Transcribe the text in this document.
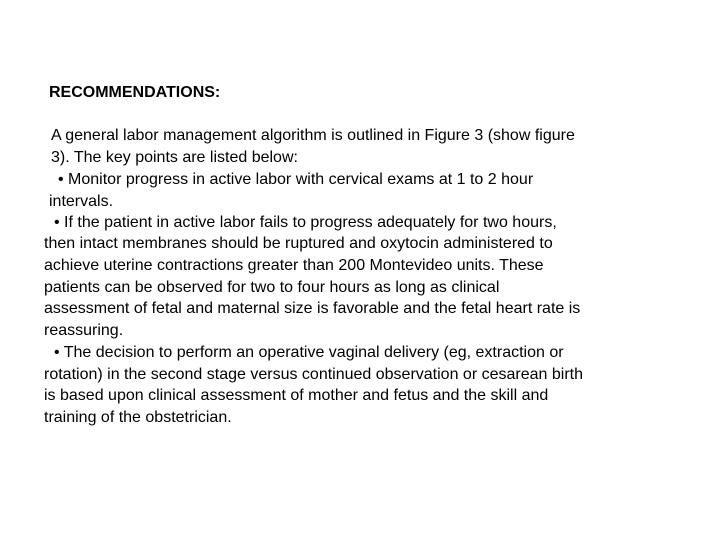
RECOMMENDATIONS:
A general labor management algorithm is outlined in Figure 3 (show figure
3). The key points are listed below:
• Monitor progress in active labor with cervical exams at 1 to 2 hour
intervals.
• If the patient in active labor fails to progress adequately for two hours,
then intact membranes should be ruptured and oxytocin administered to
achieve uterine contractions greater than 200 Montevideo units. These
patients can be observed for two to four hours as long as clinical
assessment of fetal and maternal size is favorable and the fetal heart rate is
reassuring.
• The decision to perform an operative vaginal delivery (eg, extraction or
rotation) in the second stage versus continued observation or cesarean birth
is based upon clinical assessment of mother and fetus and the skill and
training of the obstetrician.
